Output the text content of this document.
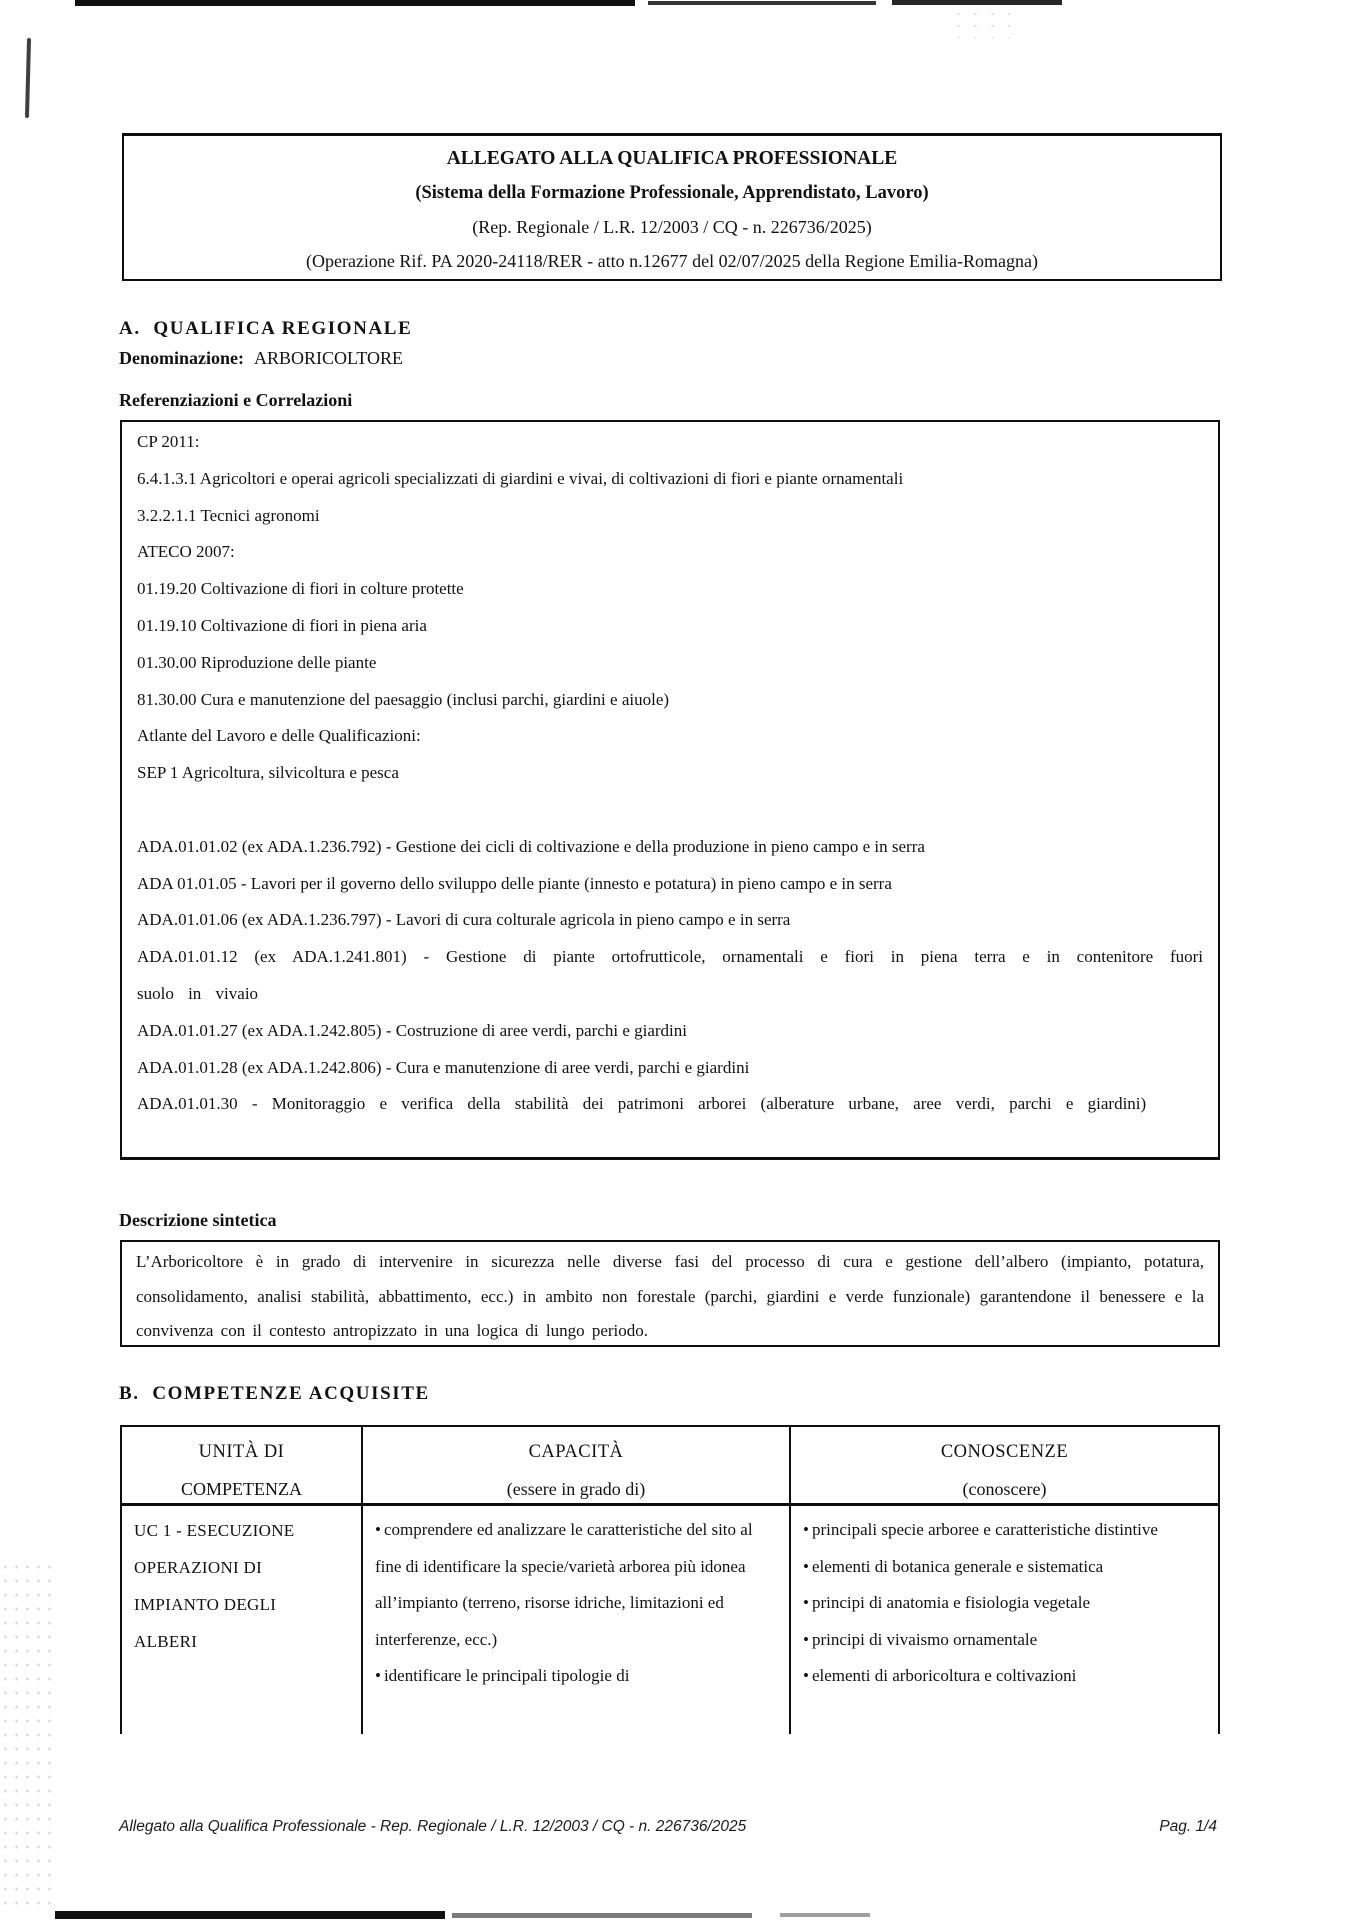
ALLEGATO ALLA QUALIFICA PROFESSIONALE
(Sistema della Formazione Professionale, Apprendistato, Lavoro)
(Rep. Regionale / L.R. 12/2003 / CQ - n. 226736/2025)
(Operazione Rif. PA 2020-24118/RER - atto n.12677 del 02/07/2025 della Regione Emilia-Romagna)
A.  QUALIFICA REGIONALE
Denominazione: ARBORICOLTORE
Referenziazioni e Correlazioni

CP 2011:

6.4.1.3.1 Agricoltori e operai agricoli specializzati di giardini e vivai, di coltivazioni di fiori e piante ornamentali

3.2.2.1.1 Tecnici agronomi

ATECO 2007:

01.19.20 Coltivazione di fiori in colture protette

01.19.10 Coltivazione di fiori in piena aria

01.30.00 Riproduzione delle piante

81.30.00 Cura e manutenzione del paesaggio (inclusi parchi, giardini e aiuole)

Atlante del Lavoro e delle Qualificazioni:

SEP 1 Agricoltura, silvicoltura e pesca

ADA.01.01.02 (ex ADA.1.236.792) - Gestione dei cicli di coltivazione e della produzione in pieno campo e in serra

ADA 01.01.05 - Lavori per il governo dello sviluppo delle piante (innesto e potatura) in pieno campo e in serra

ADA.01.01.06 (ex ADA.1.236.797) - Lavori di cura colturale agricola in pieno campo e in serra

ADA.01.01.12 (ex ADA.1.241.801) - Gestione di piante ortofrutticole, ornamentali e fiori in piena terra e in contenitore fuori suolo in vivaio

ADA.01.01.27 (ex ADA.1.242.805) - Costruzione di aree verdi, parchi e giardini

ADA.01.01.28 (ex ADA.1.242.806) - Cura e manutenzione di aree verdi, parchi e giardini

ADA.01.01.30 - Monitoraggio e verifica della stabilità dei patrimoni arborei (alberature urbane, aree verdi, parchi e giardini)

Descrizione sintetica

L’Arboricoltore è in grado di intervenire in sicurezza nelle diverse fasi del processo di cura e gestione dell’albero (impianto, potatura, consolidamento, analisi stabilità, abbattimento, ecc.) in ambito non forestale (parchi, giardini e verde funzionale) garantendone il benessere e la convivenza con il contesto antropizzato in una logica di lungo periodo.

B.  COMPETENZE ACQUISITE
UNITÀ DI
COMPETENZA
CAPACITÀ
(essere in grado di)
CONOSCENZE
(conoscere)

UC 1 - ESECUZIONE

OPERAZIONI DI

IMPIANTO DEGLI

ALBERI

• comprendere ed analizzare le caratteristiche del sito al fine di identificare la specie/varietà arborea più idonea all’impianto (terreno, risorse idriche, limitazioni ed interferenze, ecc.)

• identificare le principali tipologie di

• principali specie arboree e caratteristiche distintive

• elementi di botanica generale e sistematica

• principi di anatomia e fisiologia vegetale

• principi di vivaismo ornamentale

• elementi di arboricoltura e coltivazioni

Allegato alla Qualifica Professionale - Rep. Regionale / L.R. 12/2003 / CQ - n. 226736/2025	Pag. 1/4
